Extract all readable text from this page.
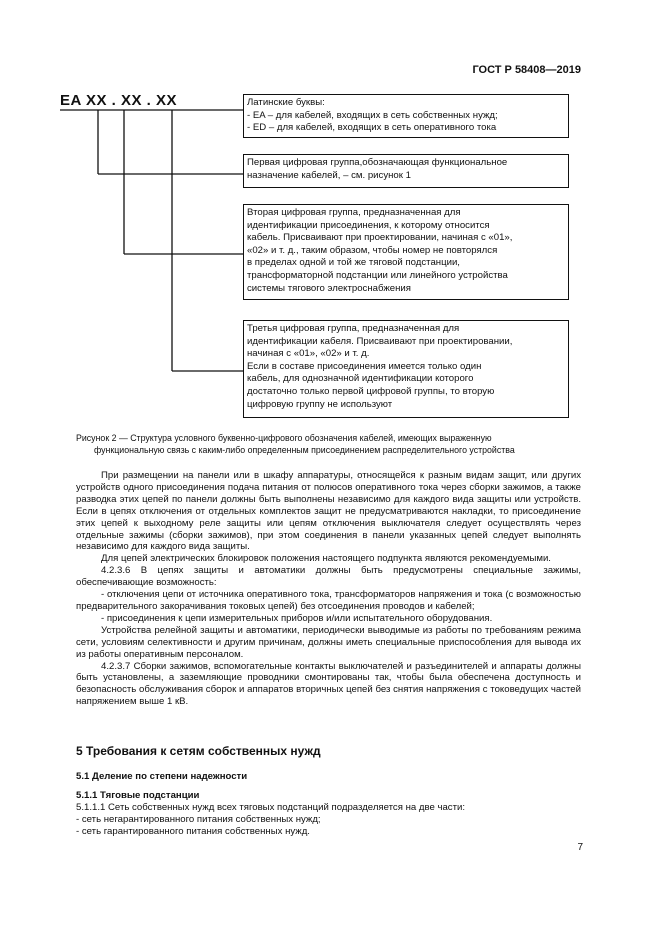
ГОСТ Р 58408—2019
EA XX . XX . XX	Латинские буквы:

- EA – для кабелей, входящих в сеть собственных нужд;

- ED – для кабелей, входящих в сеть оперативного тока

Первая цифровая группа,обозначающая функциональное

назначение кабелей, – см. рисунок 1

Вторая цифровая группа, предназначенная для

идентификации присоединения, к которому относится

кабель. Присваивают при проектировании, начиная с «01»,

«02» и т. д., таким образом, чтобы номер не повторялся

в пределах одной и той же тяговой подстанции,

трансформаторной подстанции или линейного устройства

системы тягового электроснабжения

Третья цифровая группа, предназначенная для

идентификации кабеля. Присваивают при проектировании,

начиная с «01», «02» и т. д.

Если в составе присоединения имеется только один

кабель, для однозначной идентификации которого

достаточно только первой цифровой группы, то вторую

цифровую группу не используют

Рисунок 2 — Структура условного буквенно-цифрового обозначения кабелей, имеющих выраженную
функциональную связь с каким-либо определенным присоединением распределительного устройства

При размещении на панели или в шкафу аппаратуры, относящейся к разным видам защит, или других устройств одного присоединения подача питания от полюсов оперативного тока через сборки зажимов, а также разводка этих цепей по панели должны быть выполнены независимо для каждого вида защиты или устройств. Если в цепях отключения от отдельных комплектов защит не предусматриваются накладки, то присоединение этих цепей к выходному реле защиты или цепям отключения выключателя следует осуществлять через отдельные зажимы (сборки зажимов), при этом соединения в панели указанных цепей следует выполнять независимо для каждого вида защиты.

Для цепей электрических блокировок положения настоящего подпункта являются рекомендуемыми.

4.2.3.6 В цепях защиты и автоматики должны быть предусмотрены специальные зажимы, обеспечивающие возможность:

- отключения цепи от источника оперативного тока, трансформаторов напряжения и тока (с возможностью предварительного закорачивания токовых цепей) без отсоединения проводов и кабелей;

- присоединения к цепи измерительных приборов и/или испытательного оборудования.

Устройства релейной защиты и автоматики, периодически выводимые из работы по требованиям режима сети, условиям селективности и другим причинам, должны иметь специальные приспособления для вывода их из работы оперативным персоналом.

4.2.3.7 Сборки зажимов, вспомогательные контакты выключателей и разъединителей и аппараты должны быть установлены, а заземляющие проводники смонтированы так, чтобы была обеспечена доступность и безопасность обслуживания сборок и аппаратов вторичных цепей без снятия напряжения с токоведущих частей напряжением выше 1 кВ.

5 Требования к сетям собственных нужд
5.1 Деление по степени надежности
5.1.1 Тяговые подстанции

5.1.1.1 Сеть собственных нужд всех тяговых подстанций подразделяется на две части:

- сеть негарантированного питания собственных нужд;

- сеть гарантированного питания собственных нужд.

7
